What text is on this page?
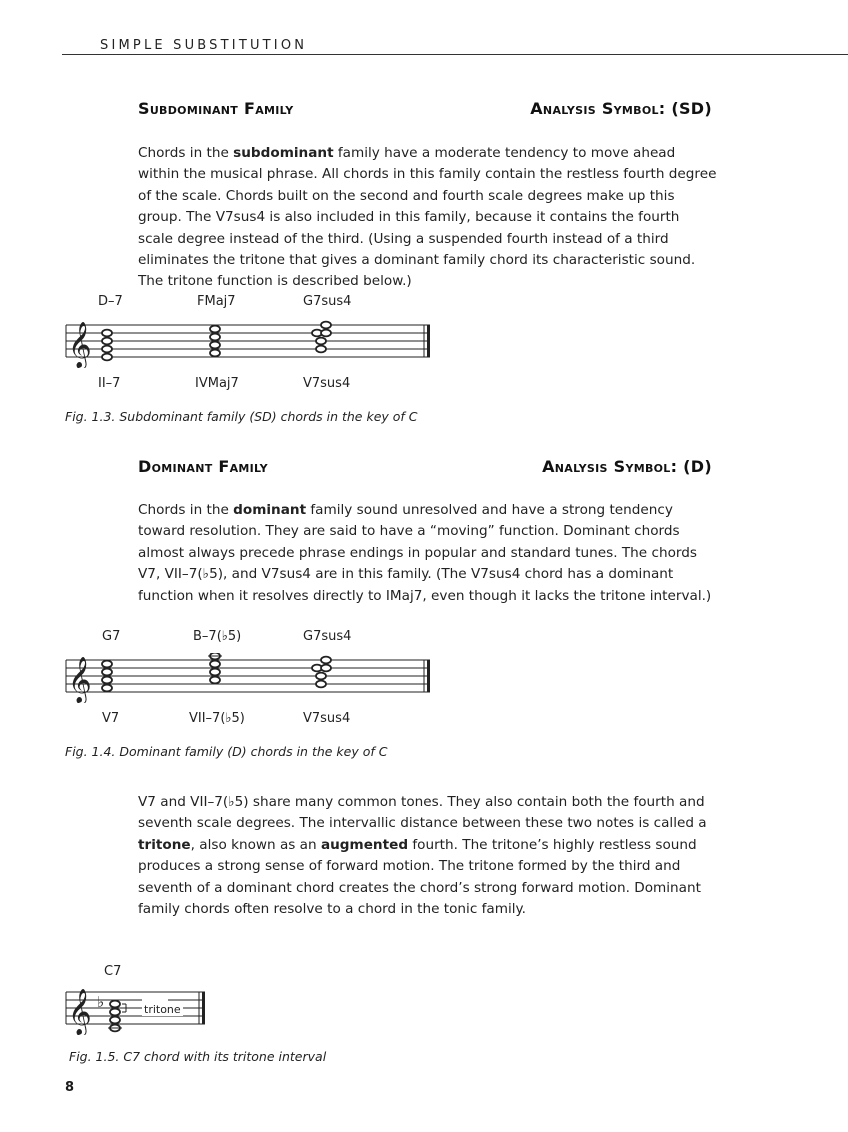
SIMPLE SUBSTITUTION
Subdominant Family	Analysis Symbol: (SD)

Chords in the subdominant family have a moderate tendency to move ahead within the musical phrase. All chords in this family contain the restless fourth degree of the scale. Chords built on the second and fourth scale degrees make up this group. The V7sus4 is also included in this family, because it contains the fourth scale degree instead of the third. (Using a suspended fourth instead of a third eliminates the tritone that gives a dominant family chord its characteristic sound. The tritone function is described below.)

D–7	FMaj7	G7sus4
𝄞
II–7	IVMaj7	V7sus4
Fig. 1.3. Subdominant family (SD) chords in the key of C
Dominant Family	Analysis Symbol: (D)

Chords in the dominant family sound unresolved and have a strong tendency toward resolution. They are said to have a “moving” function. Dominant chords almost always precede phrase endings in popular and standard tunes. The chords V7, VII–7(♭5), and V7sus4 are in this family. (The V7sus4 chord has a dominant function when it resolves directly to IMaj7, even though it lacks the tritone interval.)

G7	B–7(♭5)	G7sus4
𝄞
V7	VII–7(♭5)	V7sus4
Fig. 1.4. Dominant family (D) chords in the key of C

V7 and VII–7(♭5) share many common tones. They also contain both the fourth and seventh scale degrees. The intervallic distance between these two notes is called a tritone, also known as an augmented fourth. The tritone’s highly restless sound produces a strong sense of forward motion. The tritone formed by the third and seventh of a dominant chord creates the chord’s strong forward motion. Dominant family chords often resolve to a chord in the tonic family.

C7
𝄞 ♭	tritone
Fig. 1.5. C7 chord with its tritone interval
8
